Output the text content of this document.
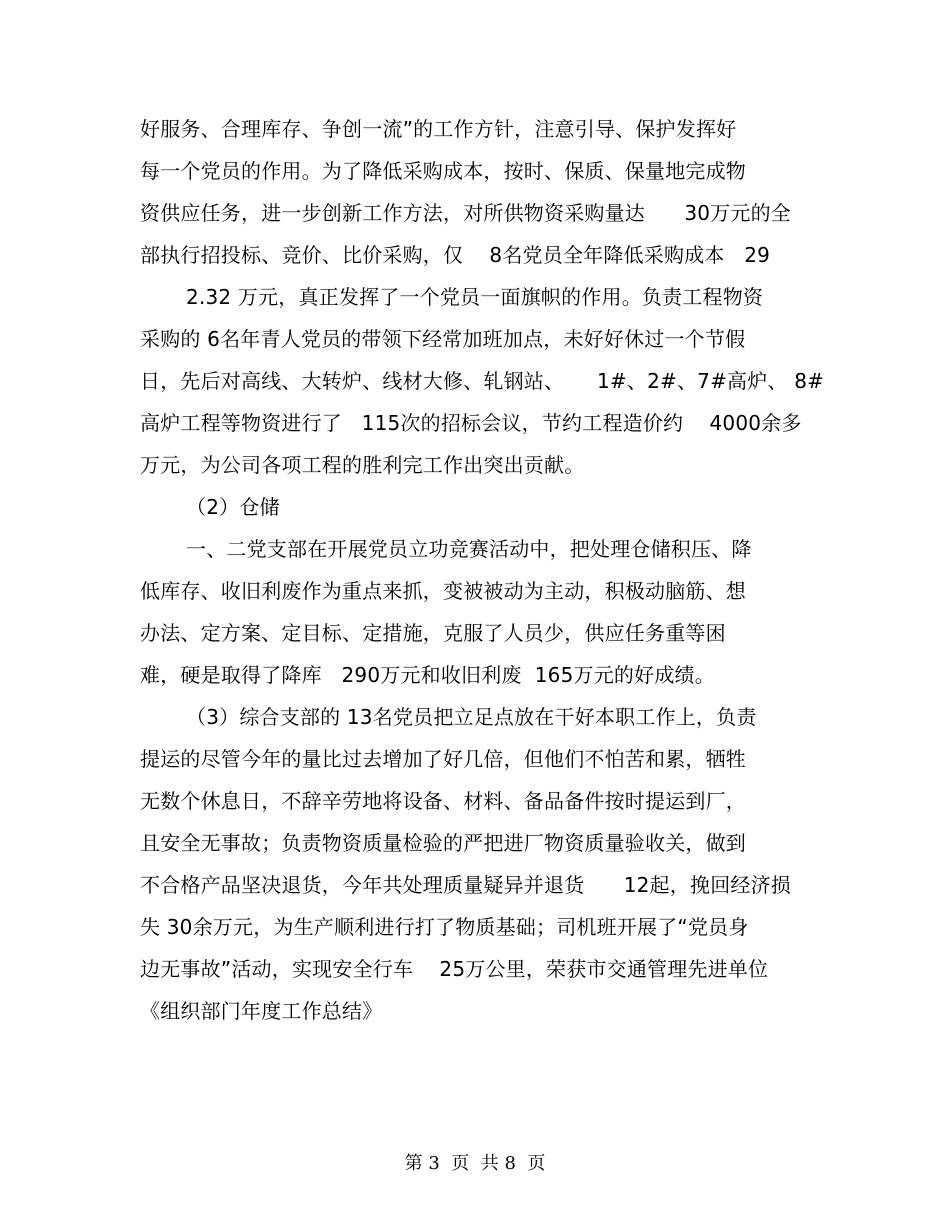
好服务、合理库存、争创一流”的工作方针，注意引导、保护发挥好
每一个党员的作用。为了降低采购成本，按时、保质、保量地完成物
资供应任务，进一步创新工作方法，对所供物资采购量达      30万元的全
部执行招投标、竞价、比价采购，仅    8名党员全年降低采购成本   29
2.32 万元，真正发挥了一个党员一面旗帜的作用。负责工程物资
采购的 6名年青人党员的带领下经常加班加点，未好好休过一个节假
日，先后对高线、大转炉、线材大修、轧钢站、     1#、2#、7#高炉、 8#
高炉工程等物资进行了   115次的招标会议，节约工程造价约    4000余多
万元，为公司各项工程的胜利完工作出突出贡献。
（2）仓储
一、二党支部在开展党员立功竞赛活动中，把处理仓储积压、降
低库存、收旧利废作为重点来抓，变被被动为主动，积极动脑筋、想
办法、定方案、定目标、定措施，克服了人员少，供应任务重等困
难，硬是取得了降库   290万元和收旧利废  165万元的好成绩。
（3）综合支部的 13名党员把立足点放在干好本职工作上，负责
提运的尽管今年的量比过去增加了好几倍，但他们不怕苦和累，牺牲
无数个休息日，不辞辛劳地将设备、材料、备品备件按时提运到厂，
且安全无事故；负责物资质量检验的严把进厂物资质量验收关，做到
不合格产品坚决退货，今年共处理质量疑异并退货      12起，挽回经济损
失 30余万元，为生产顺利进行打了物质基础；司机班开展了“党员身
边无事故”活动，实现安全行车    25万公里，荣获市交通管理先进单位
《组织部门年度工作总结》
第 3  页  共 8  页
